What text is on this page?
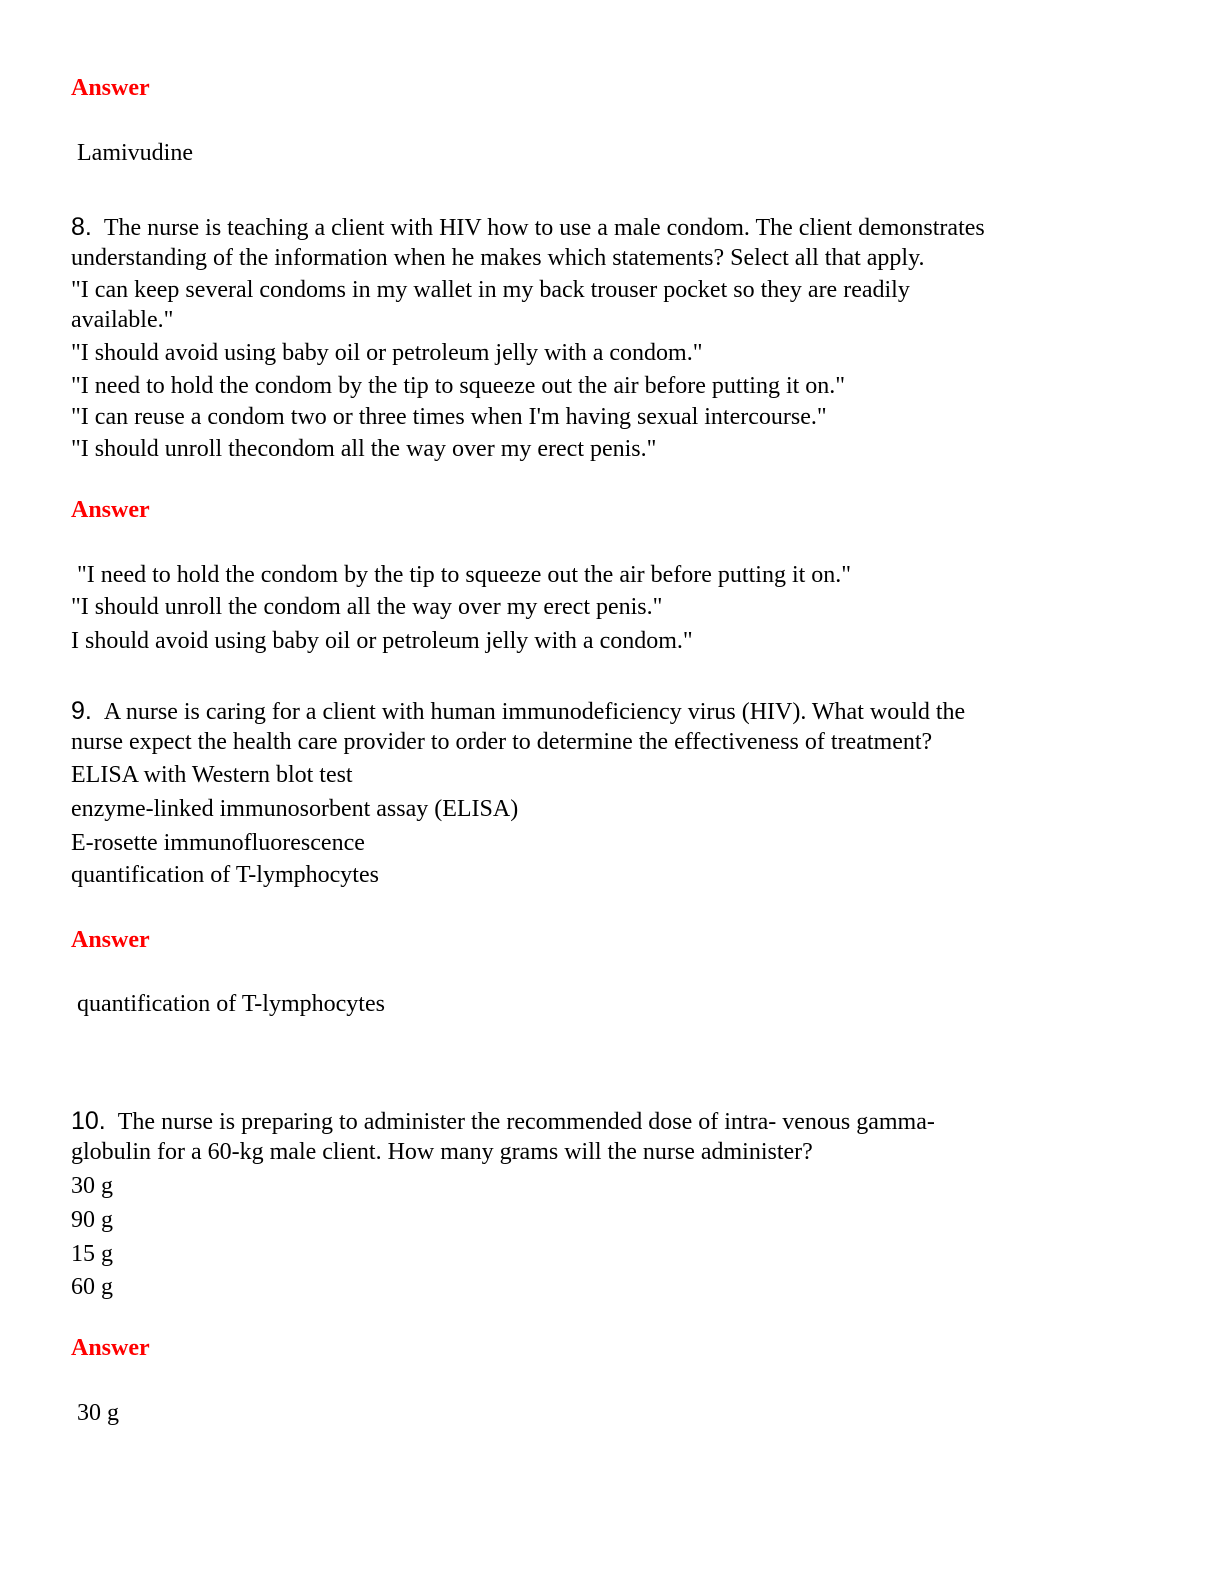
Answer
Lamivudine
8. The nurse is teaching a client with HIV how to use a male condom. The client demonstrates
understanding of the information when he makes which statements? Select all that apply.
"I can keep several condoms in my wallet in my back trouser pocket so they are readily
available."
"I should avoid using baby oil or petroleum jelly with a condom."
"I need to hold the condom by the tip to squeeze out the air before putting it on."
"I can reuse a condom two or three times when I'm having sexual intercourse."
"I should unroll thecondom all the way over my erect penis."
Answer
"I need to hold the condom by the tip to squeeze out the air before putting it on."
"I should unroll the condom all the way over my erect penis."
I should avoid using baby oil or petroleum jelly with a condom."
9. A nurse is caring for a client with human immunodeficiency virus (HIV). What would the
nurse expect the health care provider to order to determine the effectiveness of treatment?
ELISA with Western blot test
enzyme-linked immunosorbent assay (ELISA)
E-rosette immunofluorescence
quantification of T-lymphocytes
Answer
quantification of T-lymphocytes
10. The nurse is preparing to administer the recommended dose of intra- venous gamma-
globulin for a 60-kg male client. How many grams will the nurse administer?
30 g
90 g
15 g
60 g
Answer
30 g
